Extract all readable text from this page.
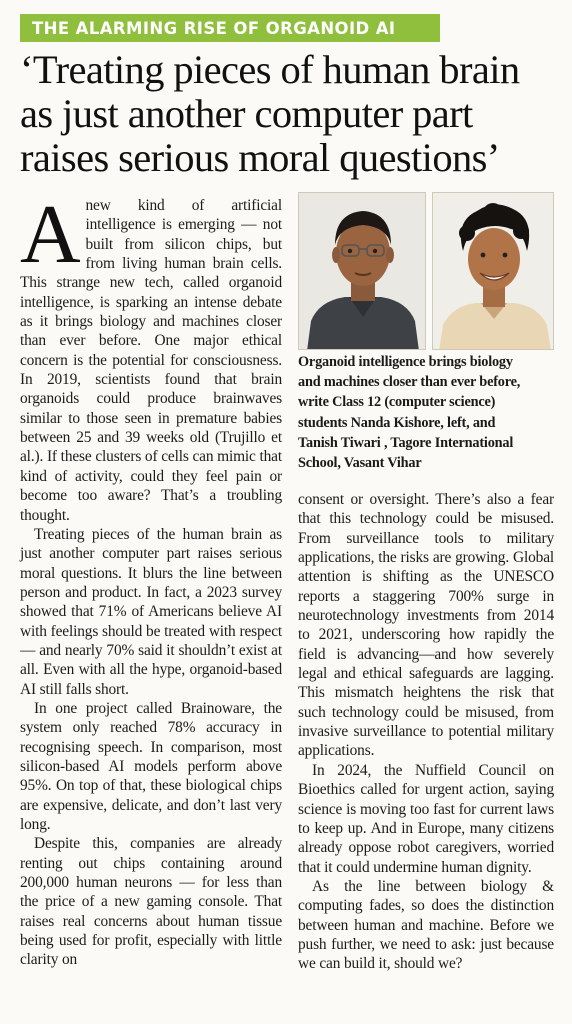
THE ALARMING RISE OF ORGANOID AI
‘Treating pieces of human brain
as just another computer part
raises serious moral questions’

Anew kind of artificial intelligence is emerging — not built from silicon chips, but from living human brain cells. This strange new tech, called organoid intelligence, is sparking an intense debate as it brings biology and machines closer than ever before. One major ethical concern is the potential for consciousness. In 2019, scientists found that brain organoids could produce brainwaves similar to those seen in premature babies between 25 and 39 weeks old (Trujillo et al.). If these clusters of cells can mimic that kind of activity, could they feel pain or become too aware? That’s a troubling thought.

Treating pieces of the human brain as just another computer part raises serious moral questions. It blurs the line between person and product. In fact, a 2023 survey showed that 71% of Americans believe AI with feelings should be treated with respect — and nearly 70% said it shouldn’t exist at all. Even with all the hype, organoid-based AI still falls short.

In one project called Brainoware, the system only reached 78% accuracy in recognising speech. In comparison, most silicon-based AI models perform above 95%. On top of that, these biological chips are expensive, delicate, and don’t last very long.

Despite this, companies are already renting out chips containing around 200,000 human neurons — for less than the price of a new gaming console. That raises real concerns about human tissue being used for profit, especially with little clarity on

Organoid intelligence brings biology
and machines closer than ever before,
write Class 12 (computer science)
students Nanda Kishore, left, and
Tanish Tiwari , Tagore International
School, Vasant Vihar

consent or oversight. There’s also a fear that this technology could be misused. From surveillance tools to military applications, the risks are growing. Global attention is shifting as the UNESCO reports a staggering 700% surge in neurotechnology investments from 2014 to 2021, underscoring how rapidly the field is advancing—and how severely legal and ethical safeguards are lagging. This mismatch heightens the risk that such technology could be misused, from invasive surveillance to potential military applications.

In 2024, the Nuffield Council on Bioethics called for urgent action, saying science is moving too fast for current laws to keep up. And in Europe, many citizens already oppose robot caregivers, worried that it could undermine human dignity.

As the line between biology & computing fades, so does the distinction between human and machine. Before we push further, we need to ask: just because we can build it, should we?
